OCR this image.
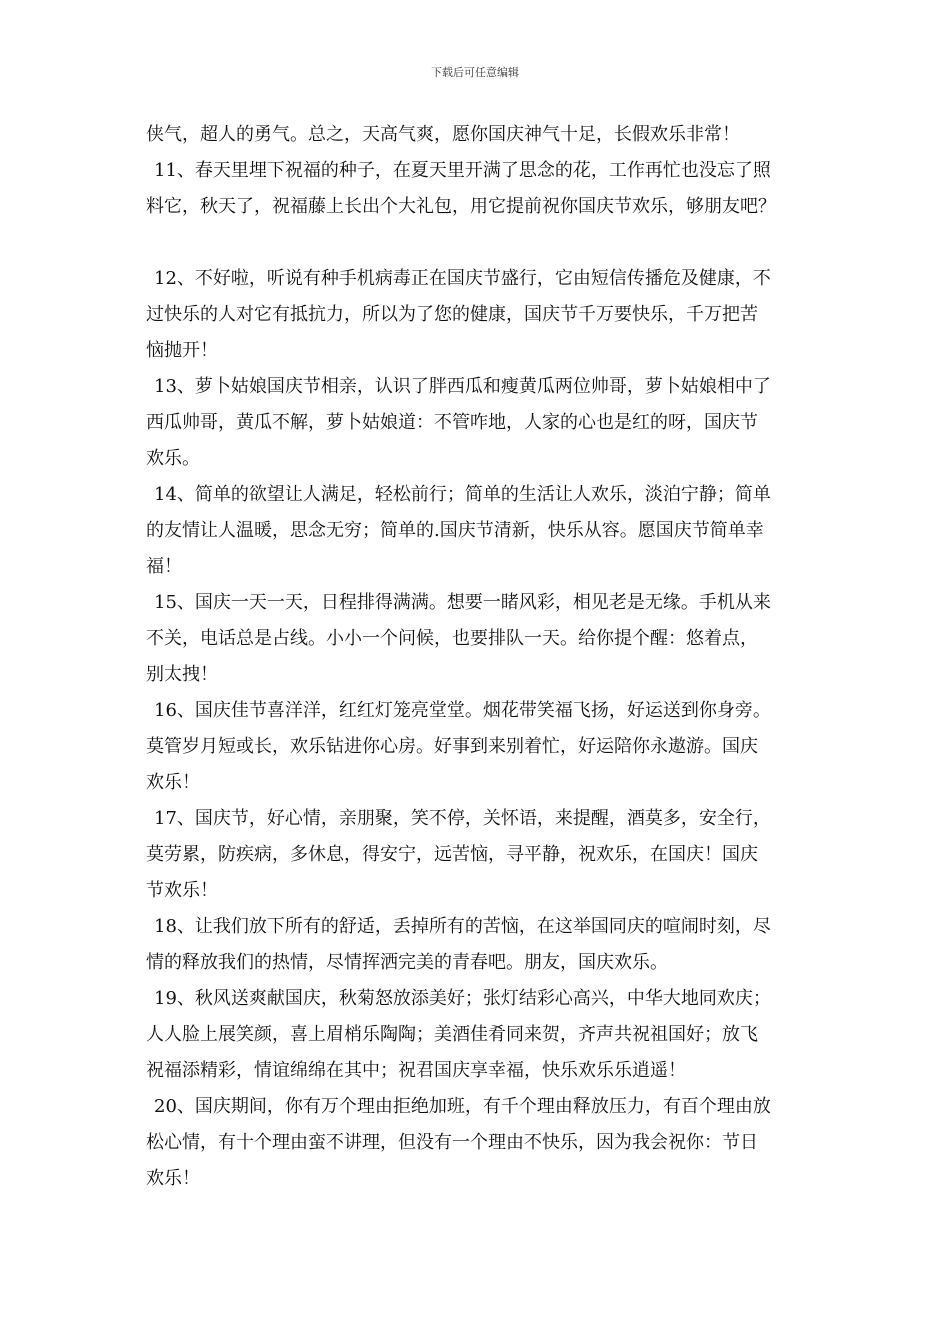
下载后可任意编辑
侠气，超人的勇气。总之，天高气爽，愿你国庆神气十足，长假欢乐非常！
11、春天里埋下祝福的种子，在夏天里开满了思念的花，工作再忙也没忘了照
料它，秋天了，祝福藤上长出个大礼包，用它提前祝你国庆节欢乐，够朋友吧？
12、不好啦，听说有种手机病毒正在国庆节盛行，它由短信传播危及健康，不
过快乐的人对它有抵抗力，所以为了您的健康，国庆节千万要快乐，千万把苦
恼抛开！
13、萝卜姑娘国庆节相亲，认识了胖西瓜和瘦黄瓜两位帅哥，萝卜姑娘相中了
西瓜帅哥，黄瓜不解，萝卜姑娘道：不管咋地，人家的心也是红的呀，国庆节
欢乐。
14、简单的欲望让人满足，轻松前行；简单的生活让人欢乐，淡泊宁静；简单
的友情让人温暖，思念无穷；简单的.国庆节清新，快乐从容。愿国庆节简单幸
福！
15、国庆一天一天，日程排得满满。想要一睹风彩，相见老是无缘。手机从来
不关，电话总是占线。小小一个问候，也要排队一天。给你提个醒：悠着点，
别太拽！
16、国庆佳节喜洋洋，红红灯笼亮堂堂。烟花带笑福飞扬，好运送到你身旁。
莫管岁月短或长，欢乐钻进你心房。好事到来别着忙，好运陪你永遨游。国庆
欢乐！
17、国庆节，好心情，亲朋聚，笑不停，关怀语，来提醒，酒莫多，安全行，
莫劳累，防疾病，多休息，得安宁，远苦恼，寻平静，祝欢乐，在国庆！国庆
节欢乐！
18、让我们放下所有的舒适，丢掉所有的苦恼，在这举国同庆的喧闹时刻，尽
情的释放我们的热情，尽情挥洒完美的青春吧。朋友，国庆欢乐。
19、秋风送爽献国庆，秋菊怒放添美好；张灯结彩心高兴，中华大地同欢庆；
人人脸上展笑颜，喜上眉梢乐陶陶；美酒佳肴同来贺，齐声共祝祖国好；放飞
祝福添精彩，情谊绵绵在其中；祝君国庆享幸福，快乐欢乐乐逍遥！
20、国庆期间，你有万个理由拒绝加班，有千个理由释放压力，有百个理由放
松心情，有十个理由蛮不讲理，但没有一个理由不快乐，因为我会祝你：节日
欢乐！
